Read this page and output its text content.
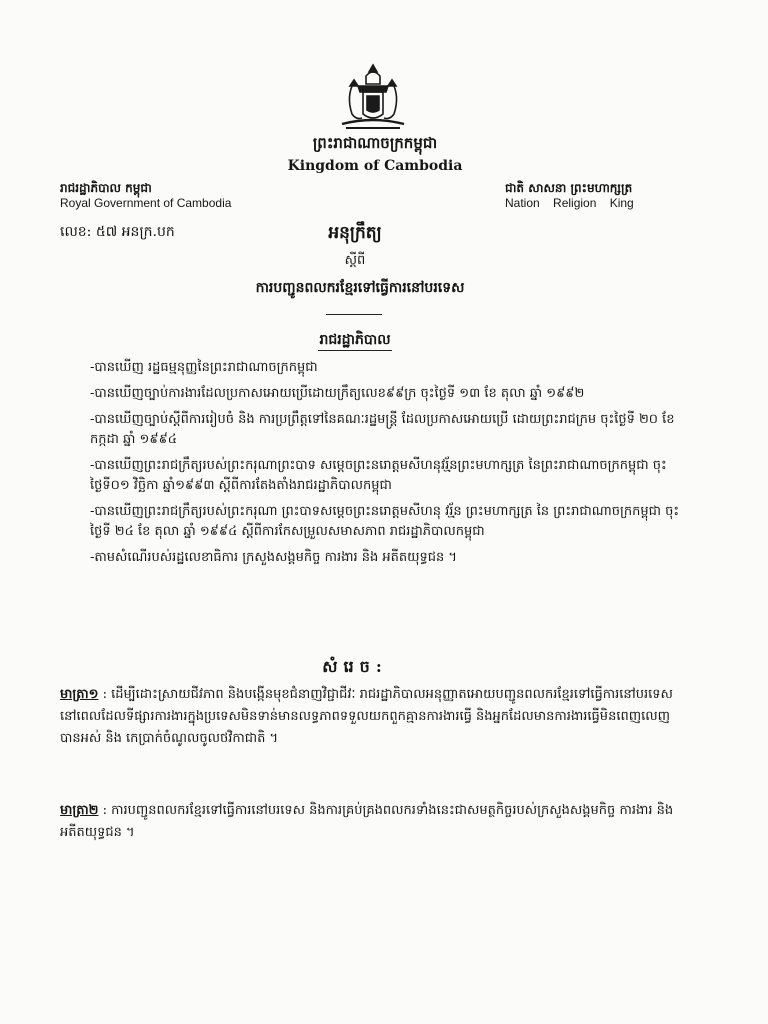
ព្រះរាជាណាចក្រកម្ពុជា
Kingdom of Cambodia
រាជរដ្ឋាភិបាល កម្ពុជា
Royal Government of Cambodia
ជាតិ សាសនា ព្រះមហាក្សត្រ
Nation Religion King
លេខ: ៥៧ អនក្រ.បក	អនុក្រឹត្យ
ស្តីពី
ការបញ្ជូនពលករខ្មែរទៅធ្វើការនៅបរទេស
រាជរដ្ឋាភិបាល
-បានឃើញ រដ្ឋធម្មនុញ្ញនៃព្រះរាជាណាចក្រកម្ពុជា
-បានឃើញច្បាប់ការងារដែលប្រកាសអោយប្រើដោយក្រឹត្យលេខ៩៩ក្រ ចុះថ្ងៃទី ១៣ ខែ តុលា ឆ្នាំ ១៩៩២
-បានឃើញច្បាប់ស្តីពីការរៀបចំ និង ការប្រព្រឹត្តទៅនៃគណៈរដ្ឋមន្ត្រី ដែលប្រកាសអោយប្រើ ដោយព្រះរាជក្រម ចុះថ្ងៃទី ២០ ខែ កក្កដា ឆ្នាំ ១៩៩៤
-បានឃើញព្រះរាជក្រឹត្យរបស់ព្រះករុណាព្រះបាទ សម្តេចព្រះនរោត្តមសីហនុវរ្ម័នព្រះមហាក្សត្រ នៃព្រះរាជាណាចក្រកម្ពុជា ចុះថ្ងៃទី០១ វិច្ឆិកា ឆ្នាំ១៩៩៣ ស្តីពីការតែងតាំងរាជរដ្ឋាភិបាលកម្ពុជា
-បានឃើញព្រះរាជក្រឹត្យរបស់ព្រះករុណា ព្រះបាទសម្តេចព្រះនរោត្តមសីហនុ វរ្ម័ន ព្រះមហាក្សត្រ នៃ ព្រះរាជាណាចក្រកម្ពុជា ចុះថ្ងៃទី ២៤ ខែ តុលា ឆ្នាំ ១៩៩៤ ស្តីពីការកែសម្រួលសមាសភាព រាជរដ្ឋាភិបាលកម្ពុជា
-តាមសំណើរបស់រដ្ឋលេខាធិការ ក្រសួងសង្គមកិច្ច ការងារ និង អតីតយុទ្ធជន ។
សំរេច:
មាត្រា១ : ដើម្បីដោះស្រាយជីវភាព និងបង្កើនមុខជំនាញវិជ្ជាជីវៈ រាជរដ្ឋាភិបាលអនុញ្ញាតអោយបញ្ជូនពលករខ្មែរទៅធ្វើការនៅបរទេស នៅពេលដែលទីផ្សារការងារក្នុងប្រទេសមិនទាន់មានលទ្ធភាពទទួលយកពួកគ្មានការងារធ្វើ និងអ្នកដែលមានការងារធ្វើមិនពេញលេញបានអស់ និង កេប្រាក់ចំណូលចូលថវិកាជាតិ ។
មាត្រា២ : ការបញ្ជូនពលករខ្មែរទៅធ្វើការនៅបរទេស និងការគ្រប់គ្រងពលករទាំងនេះជាសមត្ថកិច្ចរបស់ក្រសួងសង្គមកិច្ច ការងារ និង អតីតយុទ្ធជន ។
